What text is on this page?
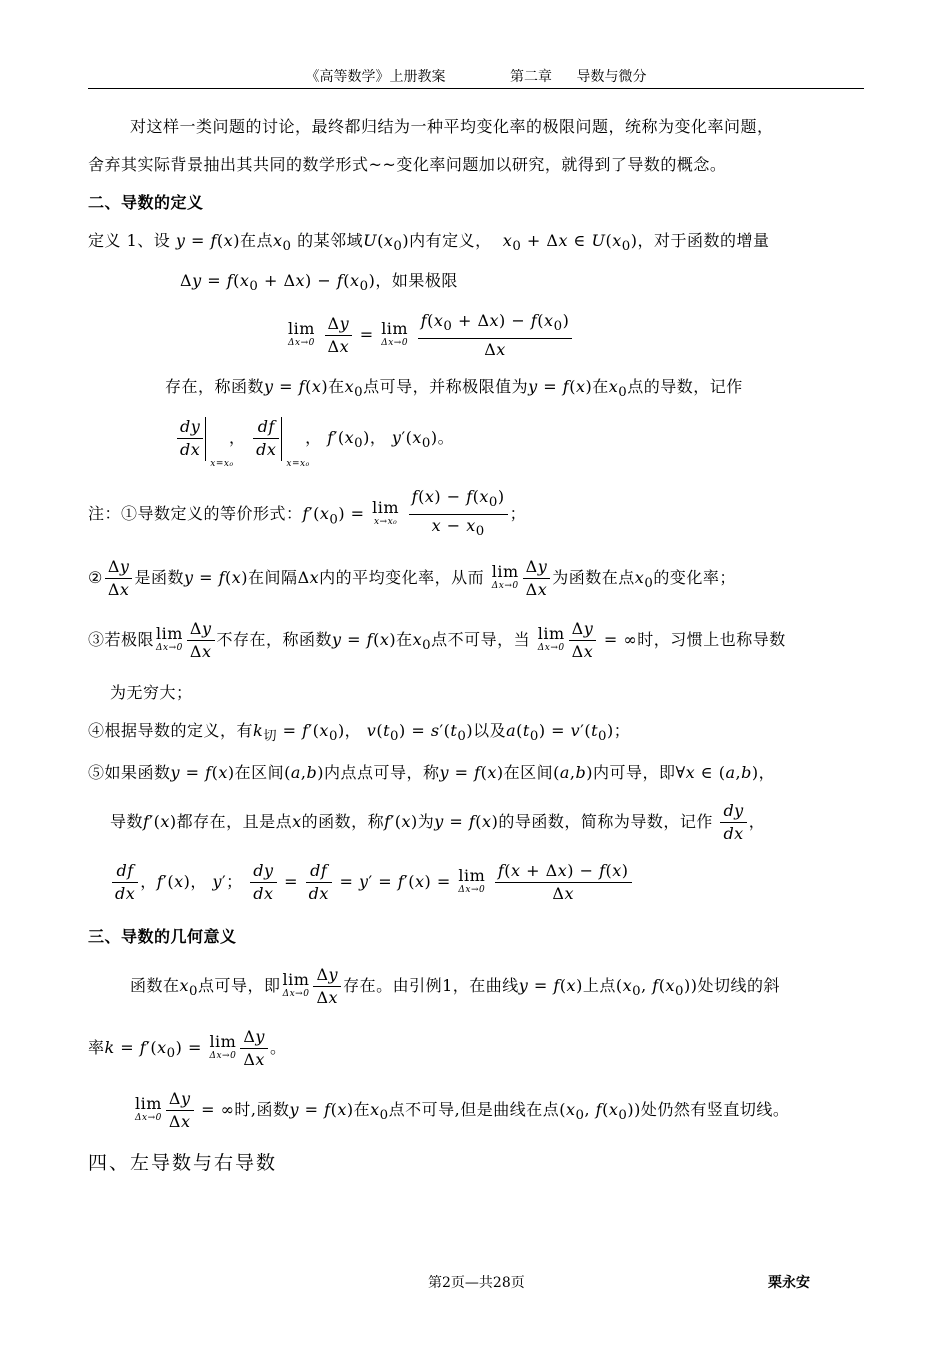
《高等数学》上册教案	第二章 导数与微分
对这样一类问题的讨论，最终都归结为一种平均变化率的极限问题，统称为变化率问题，
舍弃其实际背景抽出其共同的数学形式~~变化率问题加以研究，就得到了导数的概念。
二、导数的定义
定义 1、设 y = f(x)在点$x_0$ 的某邻域$U(x_0)$内有定义， $x_0 + \Delta x$ ∈ $U(x_0)$，对于函数的增量
$\Delta y = f(x_0 + \Delta x) - f(x_0)$，如果极限
lim
Δx→0
$\frac{\Delta y}{\Delta x} = \lim$
Δx→0
$\frac{f(x_0 + \Delta x) - f(x_0)}{\Delta x}$
存在，称函数y = f(x)在$x_0$点可导，并称极限值为y = f(x)在$x_0$点的导数，记作
$\frac{dy}{dx}$
x=x₀
， $\frac{df}{dx}$
x=x₀
， $f'(x_0)$， $y'(x_0)$。
注：①导数定义的等价形式：$f'(x_0) = \lim$
x→x₀
$\frac{f(x) - f(x_0)}{x - x_0}$ ；
② $\frac{\Delta y}{\Delta x}$ 是函数y = f(x)在间隔Δx内的平均变化率，从而 lim
$\Delta x\to 0 \frac{\Delta y}{\Delta x}$ 为函数在点$x_0$的变化率；
③若极限 lim
$\Delta x\to 0 \frac{\Delta y}{\Delta x}$ 不存在，称函数y = f(x)在$x_0$点不可导，当 lim
$\Delta x\to 0 \frac{\Delta y}{\Delta x}$ = ∞时，习惯上也称导数
为无穷大；
④根据导数的定义，有$k_切 = f'(x_0)$， $v(t_0) = s'(t_0)$以及$a(t_0) = v'(t_0)$；
⑤如果函数y = f(x)在区间(a,b)内点点可导，称y = f(x)在区间(a,b)内可导，即∀x ∈ (a,b)，
导数f′(x)都存在，且是点x的函数，称f′(x)为y = f(x)的导函数，简称为导数，记作 $\frac{dy}{dx}$ ，
$\frac{df}{dx}$ ，f′(x)， y′； $\frac{dy}{dx} = \frac{df}{dx} = y' = f'(x) = \lim$
Δx→0
$\frac{f(x + \Delta x) - f(x)}{\Delta x}$
三、导数的几何意义
函数在$x_0$点可导，即 lim
$\Delta x\to 0 \frac{\Delta y}{\Delta x}$ 存在。由引例1，在曲线y = f(x)上点($x_0$, $f(x_0)$)处切线的斜
率$k = f'(x_0) = \lim$
$\Delta x\to 0 \frac{\Delta y}{\Delta x}$ 。
lim
$\Delta x\to 0 \frac{\Delta y}{\Delta x}$ = ∞时,函数y = f(x)在$x_0$点不可导,但是曲线在点($x_0$, $f(x_0)$)处仍然有竖直切线。
四、左导数与右导数
第2页—共28页	栗永安
